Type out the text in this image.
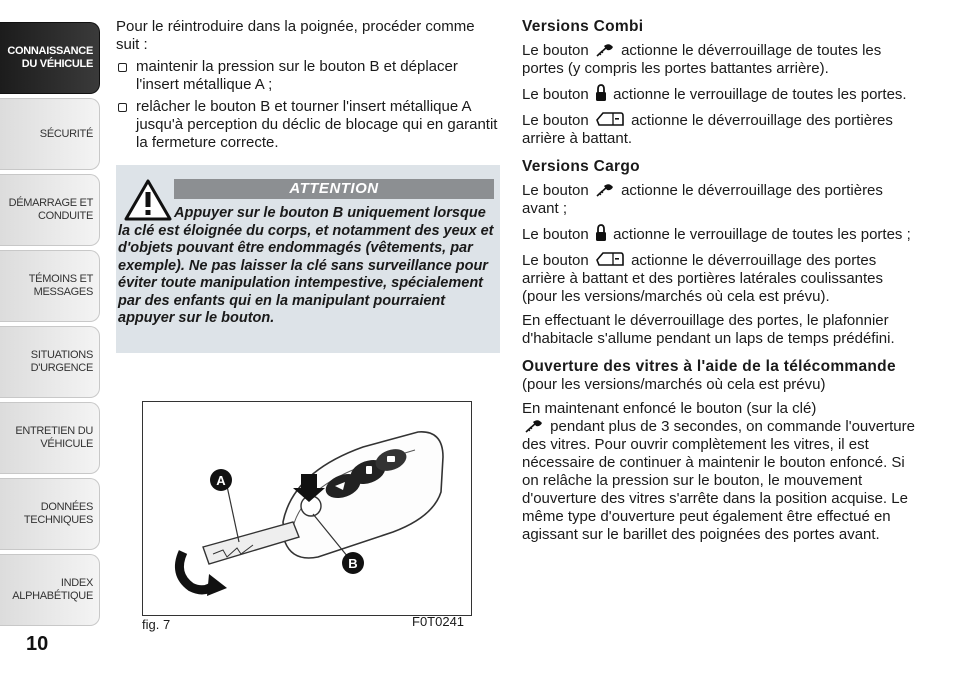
CONNAISSANCE DU VÉHICULE
SÉCURITÉ
DÉMARRAGE ET CONDUITE
TÉMOINS ET MESSAGES
SITUATIONS D'URGENCE
ENTRETIEN DU VÉHICULE
DONNÉES TECHNIQUES
INDEX ALPHABÉTIQUE
10

Pour le réintroduire dans la poignée, procéder comme suit :

maintenir la pression sur le bouton B et déplacer l'insert métallique A ;
relâcher le bouton B et tourner l'insert métallique A jusqu'à perception du déclic de blocage qui en garantit la fermeture correcte.
ATTENTION
Appuyer sur le bouton B uniquement lorsque la clé est éloignée du corps, et notamment des yeux et d'objets pouvant être endommagés (vêtements, par exemple). Ne pas laisser la clé sans surveillance pour éviter toute manipulation intempestive, spécialement par des enfants qui en la manipulant pourraient appuyer sur le bouton.
A
B
fig. 7	F0T0241
Versions Combi

Le bouton actionne le déverrouillage de toutes les portes (y compris les portes battantes arrière).

Le bouton actionne le verrouillage de toutes les portes.

Le bouton	actionne le déverrouillage des portières arrière à battant.

Versions Cargo

Le bouton actionne le déverrouillage des portières avant ;

Le bouton actionne le verrouillage de toutes les portes ;

Le bouton	actionne le déverrouillage des portes arrière à battant et des portières latérales coulissantes (pour les versions/marchés où cela est prévu).

En effectuant le déverrouillage des portes, le plafonnier d'habitacle s'allume pendant un laps de temps prédéfini.

Ouverture des vitres à l'aide de la télécommande

(pour les versions/marchés où cela est prévu)

En maintenant enfoncé le bouton (sur la clé)
pendant plus de 3 secondes, on commande l'ouverture des vitres. Pour ouvrir complètement les vitres, il est nécessaire de continuer à maintenir le bouton enfoncé. Si on relâche la pression sur le bouton, le mouvement d'ouverture des vitres s'arrête dans la position acquise. Le même type d'ouverture peut également être effectué en agissant sur le barillet des poignées des portes avant.
